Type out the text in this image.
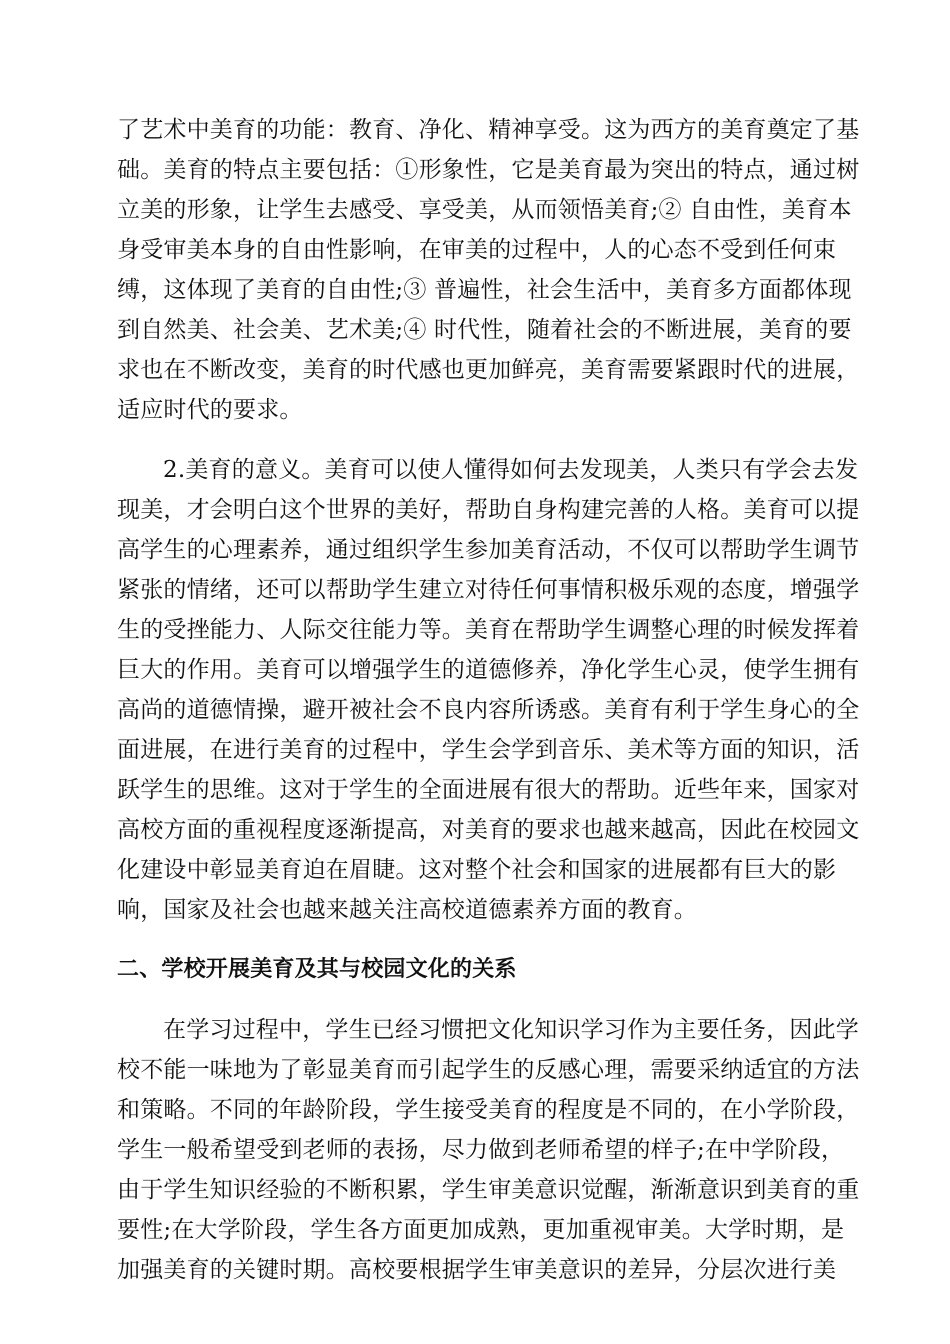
了艺术中美育的功能：教育、净化、精神享受。这为西方的美育奠定了基
础。美育的特点主要包括：①形象性，它是美育最为突出的特点，通过树
立美的形象，让学生去感受、享受美，从而领悟美育;② 自由性，美育本
身受审美本身的自由性影响，在审美的过程中，人的心态不受到任何束
缚，这体现了美育的自由性;③ 普遍性，社会生活中，美育多方面都体现
到自然美、社会美、艺术美;④ 时代性，随着社会的不断进展，美育的要
求也在不断改变，美育的时代感也更加鲜亮，美育需要紧跟时代的进展，
适应时代的要求。
2.美育的意义。美育可以使人懂得如何去发现美，人类只有学会去发
现美，才会明白这个世界的美好，帮助自身构建完善的人格。美育可以提
高学生的心理素养，通过组织学生参加美育活动，不仅可以帮助学生调节
紧张的情绪，还可以帮助学生建立对待任何事情积极乐观的态度，增强学
生的受挫能力、人际交往能力等。美育在帮助学生调整心理的时候发挥着
巨大的作用。美育可以增强学生的道德修养，净化学生心灵，使学生拥有
高尚的道德情操，避开被社会不良内容所诱惑。美育有利于学生身心的全
面进展，在进行美育的过程中，学生会学到音乐、美术等方面的知识，活
跃学生的思维。这对于学生的全面进展有很大的帮助。近些年来，国家对
高校方面的重视程度逐渐提高，对美育的要求也越来越高，因此在校园文
化建设中彰显美育迫在眉睫。这对整个社会和国家的进展都有巨大的影
响，国家及社会也越来越关注高校道德素养方面的教育。
二、学校开展美育及其与校园文化的关系
在学习过程中，学生已经习惯把文化知识学习作为主要任务，因此学
校不能一味地为了彰显美育而引起学生的反感心理，需要采纳适宜的方法
和策略。不同的年龄阶段，学生接受美育的程度是不同的，在小学阶段，
学生一般希望受到老师的表扬，尽力做到老师希望的样子;在中学阶段，
由于学生知识经验的不断积累，学生审美意识觉醒，渐渐意识到美育的重
要性;在大学阶段，学生各方面更加成熟，更加重视审美。大学时期，是
加强美育的关键时期。高校要根据学生审美意识的差异，分层次进行美
